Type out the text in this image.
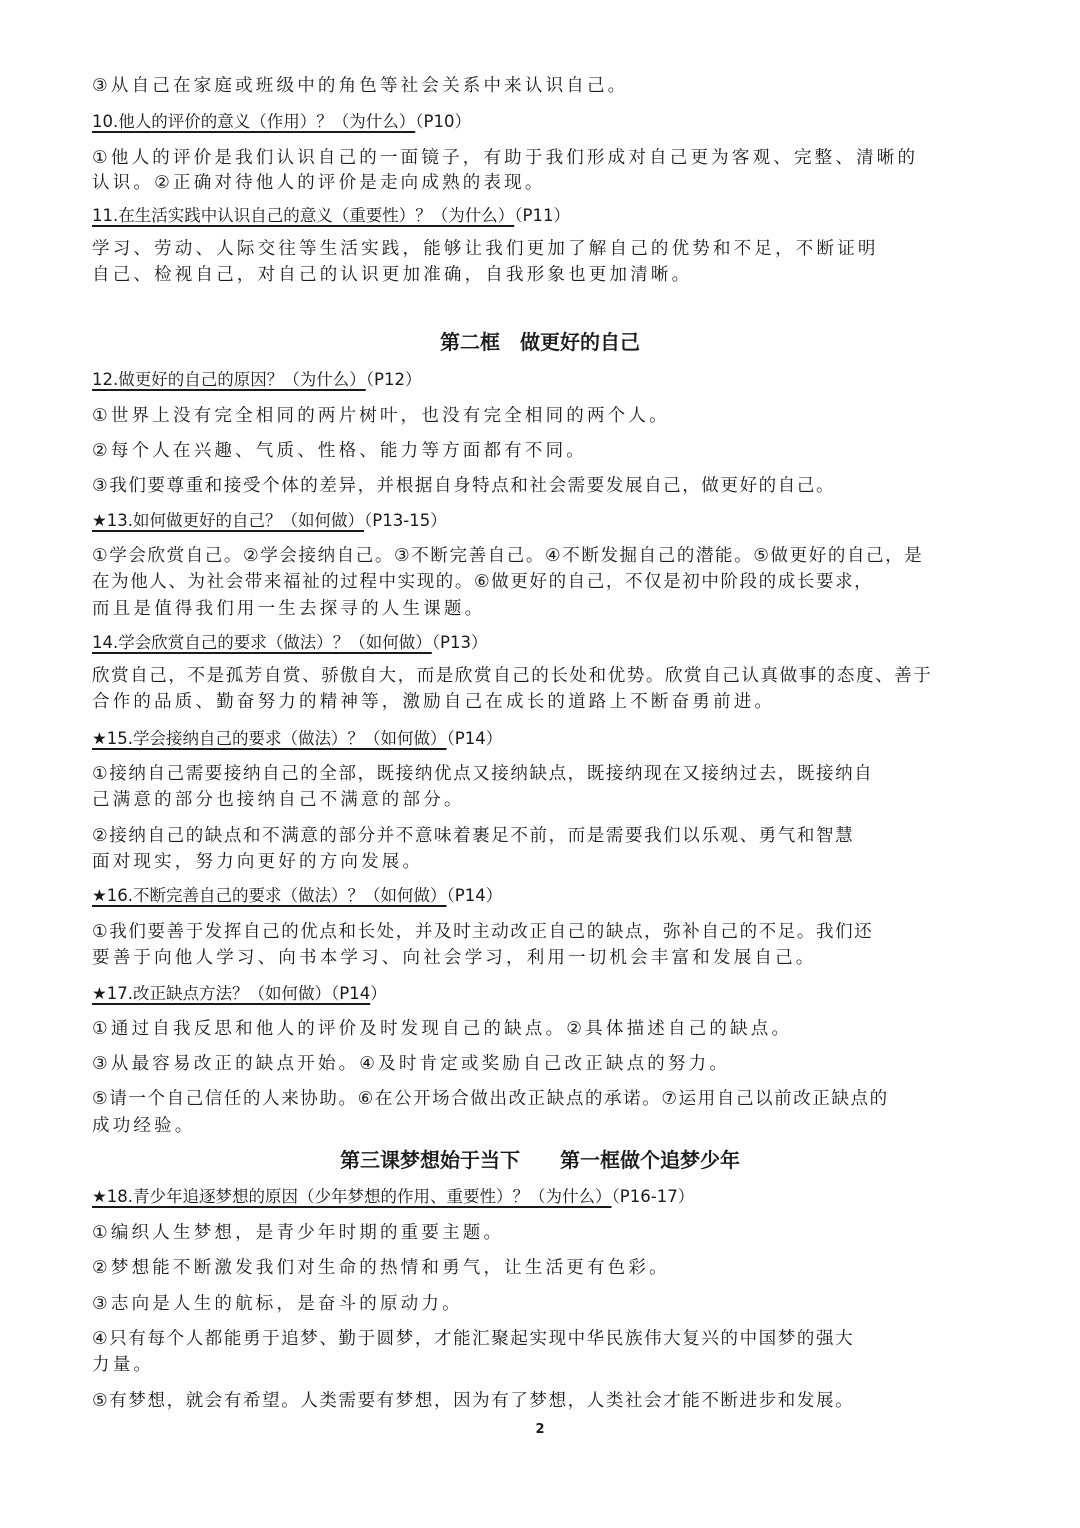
③从自己在家庭或班级中的角色等社会关系中来认识自己。
10.他人的评价的意义（作用）？（为什么）（P10）
①他人的评价是我们认识自己的一面镜子，有助于我们形成对自己更为客观、完整、清晰的
认识。②正确对待他人的评价是走向成熟的表现。
11.在生活实践中认识自己的意义（重要性）？（为什么）（P11）
学习、劳动、人际交往等生活实践，能够让我们更加了解自己的优势和不足，不断证明
自己、检视自己，对自己的认识更加准确，自我形象也更加清晰。
第二框　做更好的自己
12.做更好的自己的原因？（为什么）（P12）
①世界上没有完全相同的两片树叶，也没有完全相同的两个人。
②每个人在兴趣、气质、性格、能力等方面都有不同。
③我们要尊重和接受个体的差异，并根据自身特点和社会需要发展自己，做更好的自己。
★13.如何做更好的自己？（如何做）（P13-15）
①学会欣赏自己。②学会接纳自己。③不断完善自己。④不断发掘自己的潜能。⑤做更好的自己，是
在为他人、为社会带来福祉的过程中实现的。⑥做更好的自己，不仅是初中阶段的成长要求，
而且是值得我们用一生去探寻的人生课题。
14.学会欣赏自己的要求（做法）？（如何做）（P13）
欣赏自己，不是孤芳自赏、骄傲自大，而是欣赏自己的长处和优势。欣赏自己认真做事的态度、善于
合作的品质、勤奋努力的精神等，激励自己在成长的道路上不断奋勇前进。
★15.学会接纳自己的要求（做法）？（如何做）（P14）
①接纳自己需要接纳自己的全部，既接纳优点又接纳缺点，既接纳现在又接纳过去，既接纳自
己满意的部分也接纳自己不满意的部分。
②接纳自己的缺点和不满意的部分并不意味着裹足不前，而是需要我们以乐观、勇气和智慧
面对现实，努力向更好的方向发展。
★16.不断完善自己的要求（做法）？（如何做）（P14）
①我们要善于发挥自己的优点和长处，并及时主动改正自己的缺点，弥补自己的不足。我们还
要善于向他人学习、向书本学习、向社会学习，利用一切机会丰富和发展自己。
★17.改正缺点方法？（如何做）（P14）
①通过自我反思和他人的评价及时发现自己的缺点。②具体描述自己的缺点。
③从最容易改正的缺点开始。④及时肯定或奖励自己改正缺点的努力。
⑤请一个自己信任的人来协助。⑥在公开场合做出改正缺点的承诺。⑦运用自己以前改正缺点的
成功经验。
第三课梦想始于当下　　第一框做个追梦少年
★18.青少年追逐梦想的原因（少年梦想的作用、重要性）？（为什么）（P16-17）
①编织人生梦想，是青少年时期的重要主题。
②梦想能不断激发我们对生命的热情和勇气，让生活更有色彩。
③志向是人生的航标，是奋斗的原动力。
④只有每个人都能勇于追梦、勤于圆梦，才能汇聚起实现中华民族伟大复兴的中国梦的强大
力量。
⑤有梦想，就会有希望。人类需要有梦想，因为有了梦想，人类社会才能不断进步和发展。
2
